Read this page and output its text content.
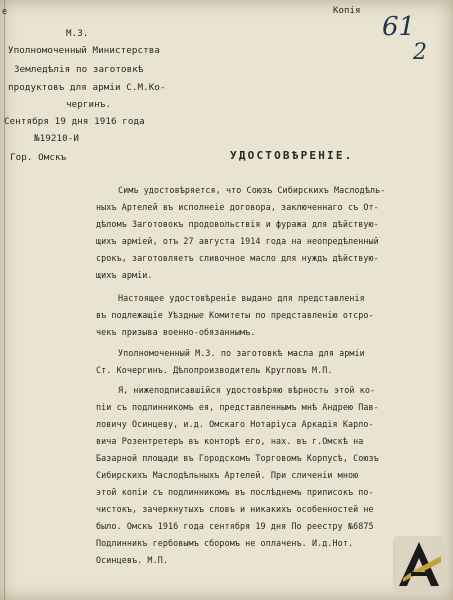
е	Копія
61
2
М.З.
Уполномоченный Министерства
Земледѣлія по заготовкѣ
продуктовъ для арміи С.М.Ко-
чергинъ.
Сентября 19 дня 1916 года
№19210-И
Гор. Омскъ	УДОСТОВѢРЕНІЕ.
Симъ удостовѣряется, что Союзъ Сибирскихъ Маслодѣль-
ныхъ Артелей въ исполнеіе договора, заключеннаго съ От-
дѣломъ Заготовокъ продовольствія и фуража для дѣйствую-
щихъ арміей, отъ 27 августа 1914 года на неопредѣленный
срокъ, заготовляетъ сливочное масло для нуждъ дѣйствую-
щихъ арміи.
Настоящее удостовѣреніе выдано для представленія
въ подлежащіе Уѣздные Комитеты по представленію отсро-
чекъ призыва военно-обязаннымъ.
Уполномоченный М.З. по заготовкѣ масла для арміи
Ст. Кочергинъ. Дѣлопроизводитель Кругловъ М.П.
Я, нижеподписавшійся удостовѣряю вѣрность этой ко-
піи съ подлинникомъ ея, представленнымъ мнѣ Андрею Пав-
ловичу Осинцеву, и.д. Омскаго Нотаріуса Аркадія Карло-
вича Розентретеръ въ конторѣ его, нах. въ г.Омскѣ на
Базарной площади въ Городскомъ Торговомъ Корпусѣ, Союзъ
Сибирскихъ Маслодѣльныхъ Артелей. При сличеніи мною
этой копіи съ подлинникомъ въ послѣднемъ приписокъ по-
чистокъ, зачеркнутыхъ словъ и никакихъ особенностей не
было. Омскъ 1916 года сентября 19 дня По реестру №6875
Подлинникъ гербовымъ сборомъ не оплаченъ. И.д.Нот.
Осинцевъ. М.П.
